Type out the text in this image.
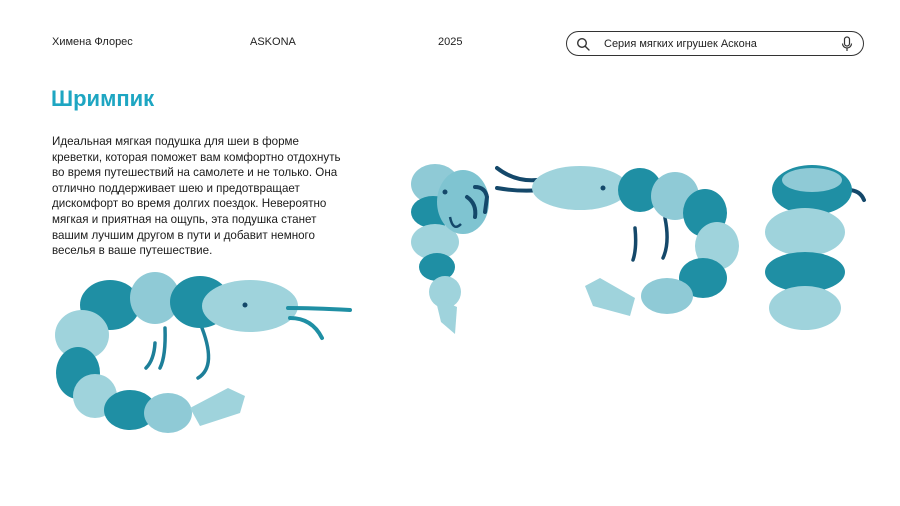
Химена Флорес	ASKONA	2025	Серия мягких игрушек Аскона
Шримпик

Идеальная мягкая подушка для шеи в форме креветки, которая поможет вам комфортно отдохнуть во время путешествий на самолете и не только. Она отлично поддерживает шею и предотвращает дискомфорт во время долгих поездок. Невероятно мягкая и приятная на ощупь, эта подушка станет вашим лучшим другом в пути и добавит немного веселья в ваше путешествие.
